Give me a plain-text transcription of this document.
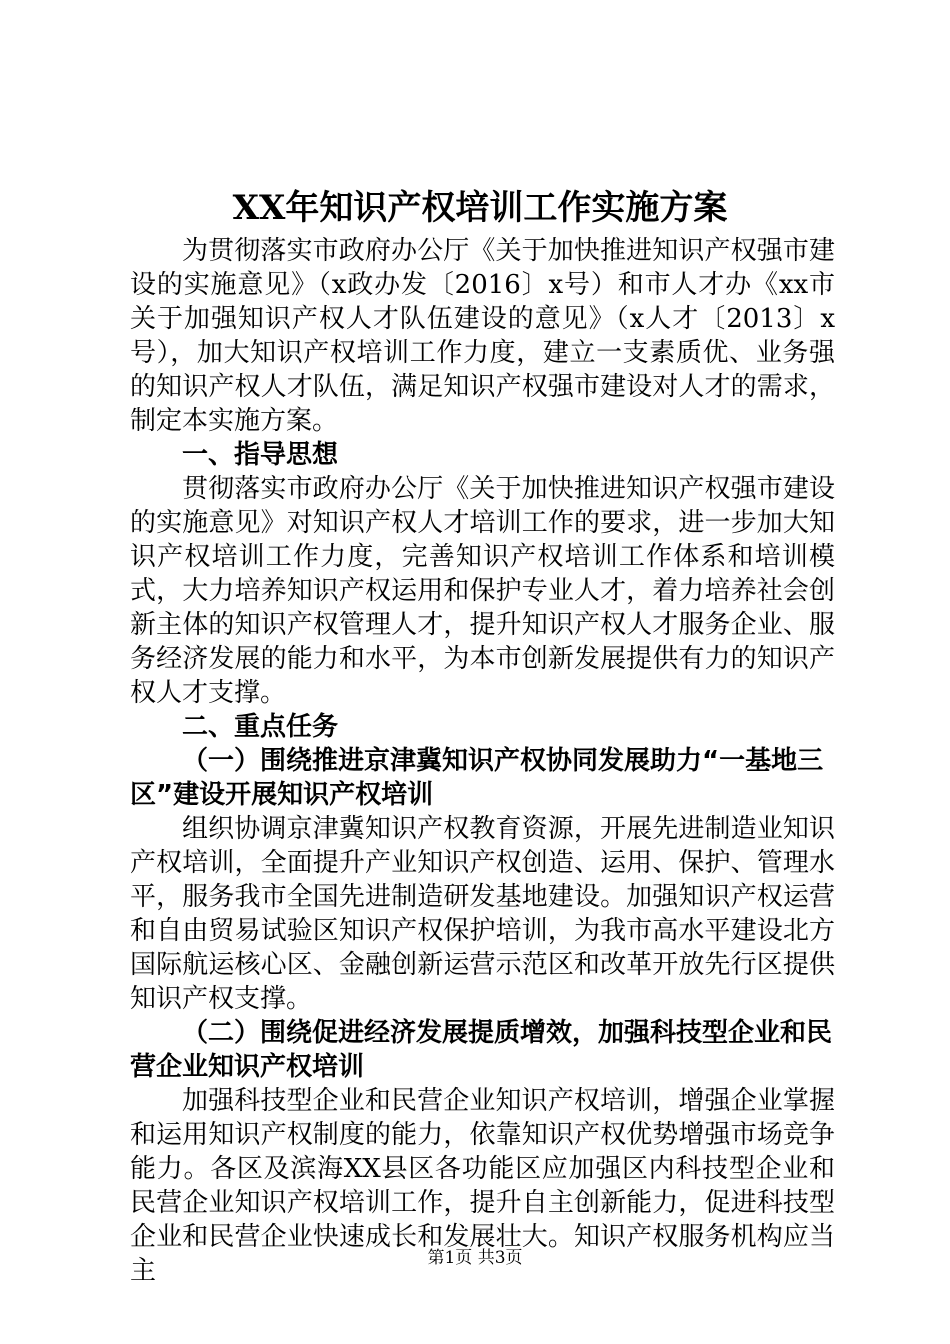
XX年知识产权培训工作实施方案

为贯彻落实市政府办公厅《关于加快推进知识产权强市建设的实施意见》（x政办发〔2016〕x号）和市人才办《xx市关于加强知识产权人才队伍建设的意见》（x人才〔2013〕x号），加大知识产权培训工作力度，建立一支素质优、业务强的知识产权人才队伍，满足知识产权强市建设对人才的需求，制定本实施方案。

一、指导思想

贯彻落实市政府办公厅《关于加快推进知识产权强市建设的实施意见》对知识产权人才培训工作的要求，进一步加大知识产权培训工作力度，完善知识产权培训工作体系和培训模式，大力培养知识产权运用和保护专业人才，着力培养社会创新主体的知识产权管理人才，提升知识产权人才服务企业、服务经济发展的能力和水平，为本市创新发展提供有力的知识产权人才支撑。

二、重点任务

（一）围绕推进京津冀知识产权协同发展助力“一基地三区”建设开展知识产权培训

组织协调京津冀知识产权教育资源，开展先进制造业知识产权培训，全面提升产业知识产权创造、运用、保护、管理水平，服务我市全国先进制造研发基地建设。加强知识产权运营和自由贸易试验区知识产权保护培训，为我市高水平建设北方国际航运核心区、金融创新运营示范区和改革开放先行区提供知识产权支撑。

（二）围绕促进经济发展提质增效，加强科技型企业和民营企业知识产权培训

加强科技型企业和民营企业知识产权培训，增强企业掌握和运用知识产权制度的能力，依靠知识产权优势增强市场竞争能力。各区及滨海XX县区各功能区应加强区内科技型企业和民营企业知识产权培训工作，提升自主创新能力，促进科技型企业和民营企业快速成长和发展壮大。知识产权服务机构应当主	第1页 共3页
